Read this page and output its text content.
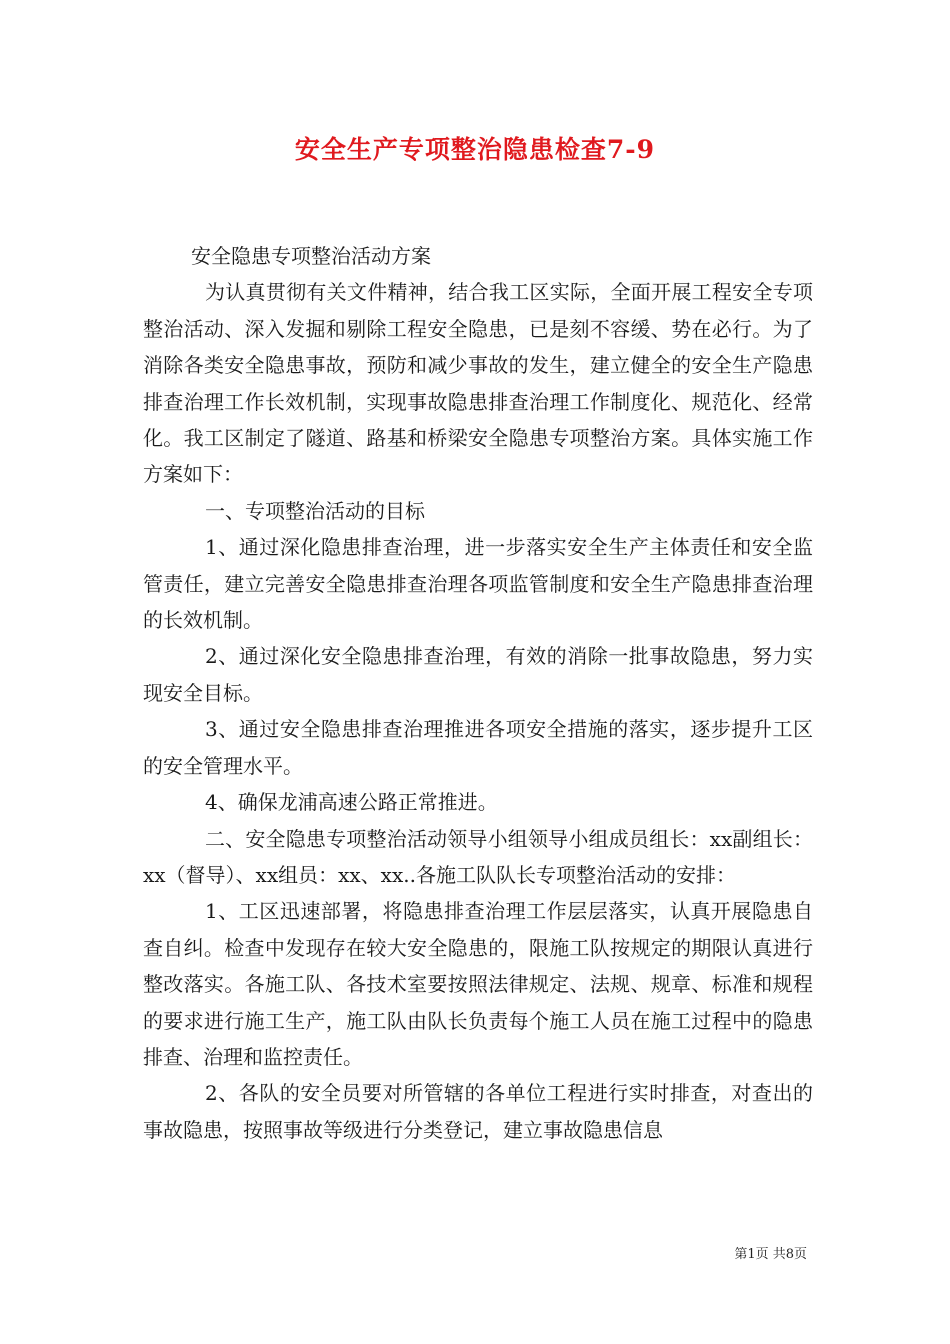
安全生产专项整治隐患检查7-9

安全隐患专项整治活动方案

为认真贯彻有关文件精神，结合我工区实际，全面开展工程安全专项整治活动、深入发掘和剔除工程安全隐患，已是刻不容缓、势在必行。为了消除各类安全隐患事故，预防和减少事故的发生，建立健全的安全生产隐患排查治理工作长效机制，实现事故隐患排查治理工作制度化、规范化、经常化。我工区制定了隧道、路基和桥梁安全隐患专项整治方案。具体实施工作方案如下：

一、专项整治活动的目标

1、通过深化隐患排查治理，进一步落实安全生产主体责任和安全监管责任，建立完善安全隐患排查治理各项监管制度和安全生产隐患排查治理的长效机制。

2、通过深化安全隐患排查治理，有效的消除一批事故隐患，努力实现安全目标。

3、通过安全隐患排查治理推进各项安全措施的落实，逐步提升工区的安全管理水平。

4、确保龙浦高速公路正常推进。

二、安全隐患专项整治活动领导小组领导小组成员组长：xx副组长：xx（督导）、xx组员：xx、xx..各施工队队长专项整治活动的安排：

1、工区迅速部署，将隐患排查治理工作层层落实，认真开展隐患自查自纠。检查中发现存在较大安全隐患的，限施工队按规定的期限认真进行整改落实。各施工队、各技术室要按照法律规定、法规、规章、标准和规程的要求进行施工生产，施工队由队长负责每个施工人员在施工过程中的隐患排查、治理和监控责任。

2、各队的安全员要对所管辖的各单位工程进行实时排查，对查出的事故隐患，按照事故等级进行分类登记，建立事故隐患信息

第1页 共8页
